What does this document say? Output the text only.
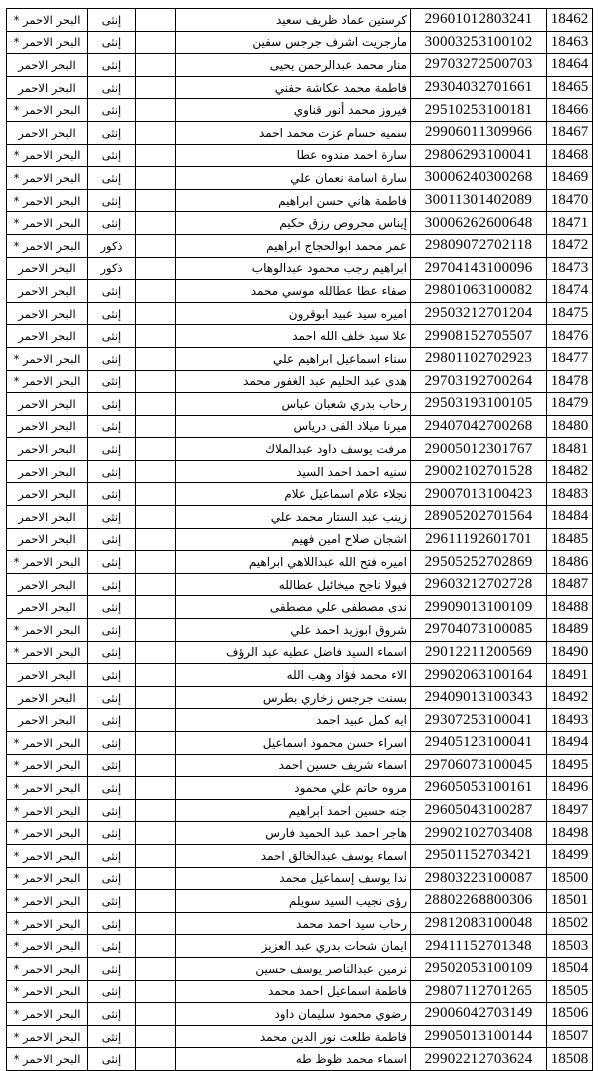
18462
29601012803241
كرستين عماد ظريف سعيد
إنثى
البحر الاحمر *
18463
30003253100102
مارجريت اشرف جرجس سفين
إنثى
البحر الاحمر *
18464
29703272500703
منار محمد عبدالرحمن يحيى
إنثى
البحر الاحمر
18465
29304032701661
فاطمة محمد عكاشة حفني
إنثى
البحر الاحمر
18466
29510253100181
فيروز محمد أنور قناوي
إنثى
البحر الاحمر *
18467
29906011309966
سميه حسام عزت محمد احمد
إنثى
البحر الاحمر
18468
29806293100041
سارة احمد مندوه عطا
إنثى
البحر الاحمر *
18469
30006240300268
سارة اسامة نعمان علي
إنثى
البحر الاحمر *
18470
30011301402089
فاطمة هاني حسن ابراهيم
إنثى
البحر الاحمر *
18471
30006262600648
إيناس محروص رزق حكيم
إنثى
البحر الاحمر *
18472
29809072702118
عمر محمد ابوالحجاج ابراهيم
ذكور
البحر الاحمر *
18473
29704143100096
ابراهيم رجب محمود عبدالوهاب
ذكور
البحر الاحمر
18474
29801063100082
صفاء عطا عطالله موسي محمد
إنثى
البحر الاحمر
18475
29503212701204
اميره سيد عبيد ابوقرون
إنثى
البحر الاحمر
18476
29908152705507
علا سيد خلف الله احمد
إنثى
البحر الاحمر
18477
29801102702923
سناء اسماعيل ابراهيم علي
إنثى
البحر الاحمر *
18478
29703192700264
هدى عبد الحليم عبد الغفور محمد
إنثى
البحر الاحمر *
18479
29503193100105
رحاب بدري شعبان عباس
إنثى
البحر الاحمر
18480
29407042700268
ميرنا ميلاد الفى درياس
إنثى
البحر الاحمر
18481
29005012301767
مرفت يوسف داود عبدالملاك
إنثى
البحر الاحمر
18482
29002102701528
سنيه احمد احمد السيد
إنثى
البحر الاحمر
18483
29007013100423
نجلاء علام اسماعيل علام
إنثى
البحر الاحمر
18484
28905202701564
زينب عبد الستار محمد علي
إنثى
البحر الاحمر
18485
29611192601701
اشجان صلاح امين فهيم
إنثى
البحر الاحمر
18486
29505252702869
اميره فتح الله عبداللاهي ابراهيم
إنثى
البحر الاحمر *
18487
29603212702728
فيولا ناجح ميخائيل عطالله
إنثى
البحر الاحمر
18488
29909013100109
ندى مصطفى علي مصطفى
إنثى
البحر الاحمر
18489
29704073100085
شروق ابوزيد احمد علي
إنثى
البحر الاحمر *
18490
29012211200569
اسماء السيد فاضل عطيه عبد الرؤف
إنثى
البحر الاحمر *
18491
29902063100164
الاء محمد فؤاد وهب الله
إنثى
البحر الاحمر
18492
29409013100343
بسنت جرجس زخاري بطرس
إنثى
البحر الاحمر
18493
29307253100041
ايه كمل عبيد احمد
إنثى
البحر الاحمر
18494
29405123100041
اسراء حسن محمود اسماعيل
إنثى
البحر الاحمر *
18495
29706073100045
اسماء شريف حسين احمد
إنثى
البحر الاحمر *
18496
29605053100161
مروه حاتم علي محمود
إنثى
البحر الاحمر *
18497
29605043100287
جنه حسين احمد ابراهيم
إنثى
البحر الاحمر *
18498
29902102703408
هاجر احمد عبد الحميد فارس
إنثى
البحر الاحمر *
18499
29501152703421
اسماء يوسف عبدالخالق احمد
إنثى
البحر الاحمر *
18500
29803223100087
ندا يوسف إسماعيل محمد
إنثى
البحر الاحمر *
18501
28802268800306
رؤى نجيب السيد سويلم
إنثى
البحر الاحمر *
18502
29812083100048
رحاب سيد احمد محمد
إنثى
البحر الاحمر *
18503
29411152701348
ايمان شحات بدري عبد العزيز
إنثى
البحر الاحمر *
18504
29502053100109
نرمين عبدالناصر يوسف حسين
إنثى
البحر الاحمر *
18505
29807112701265
فاطمة اسماعيل احمد محمد
إنثى
البحر الاحمر *
18506
29006042703149
رضوي محمود سليمان داود
إنثى
البحر الاحمر *
18507
29905013100144
فاطمة طلعت نور الدين محمد
إنثى
البحر الاحمر *
18508
29902212703624
اسماء محمد ظوظ طه
إنثى
البحر الاحمر *
